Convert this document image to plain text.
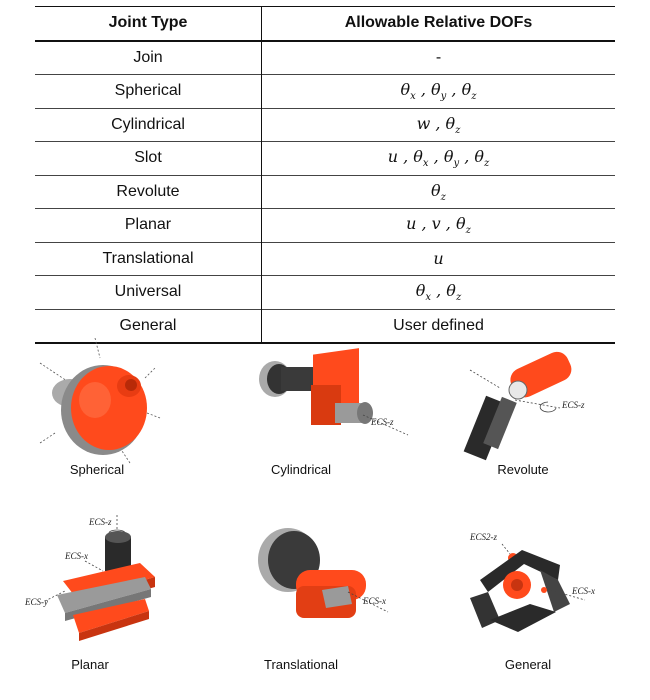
Joint Type	Allowable Relative DOFs
Join	-
Spherical	$\theta_x$ , $\theta_y$ , $\theta_z$
Cylindrical	w , $\theta_z$
Slot	u , $\theta_x$ , $\theta_y$ , $\theta_z$
Revolute	$\theta_z$
Planar	u , v , $\theta_z$
Translational	u
Universal	$\theta_x$ , $\theta_z$
General	User defined
Spherical
ECS-z
Cylindrical
ECS-z
Revolute
ECS-z
ECS-x
ECS-y
Planar
ECS-x
Translational
ECS2-z
ECS-x
General
